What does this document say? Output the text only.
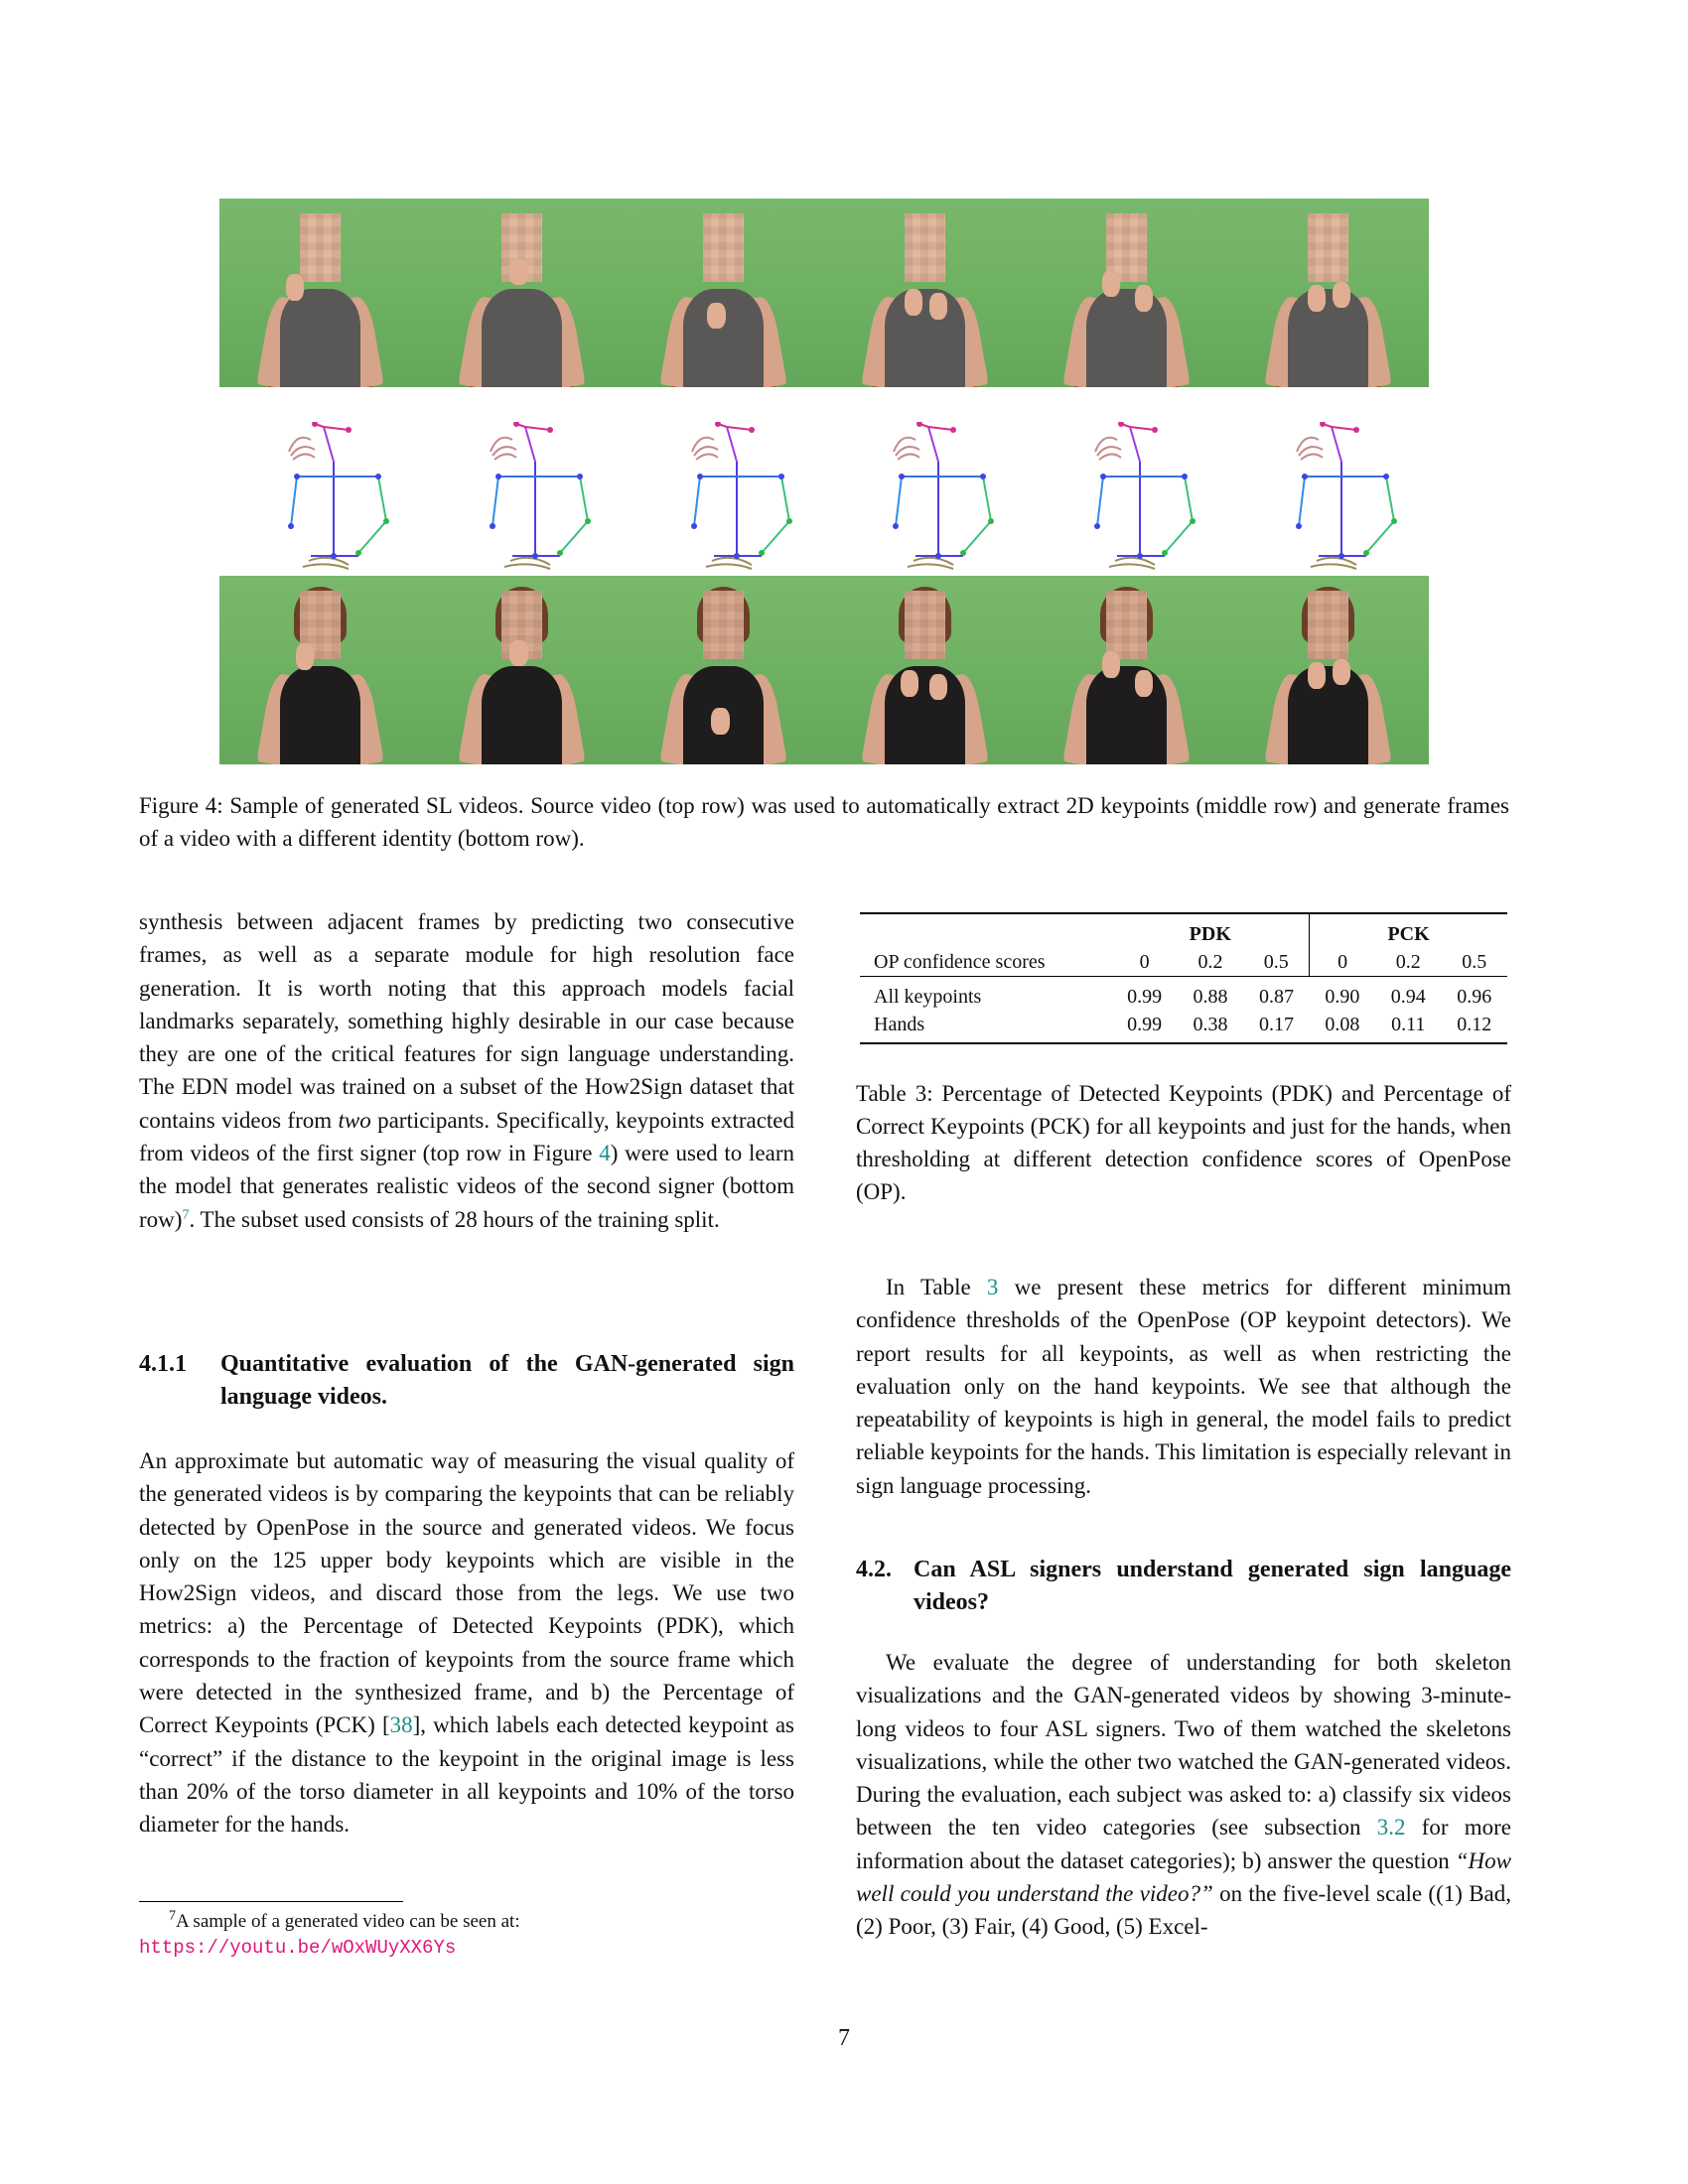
Figure 4: Sample of generated SL videos. Source video (top row) was used to automatically extract 2D keypoints (middle row) and generate frames of a video with a different identity (bottom row).

synthesis between adjacent frames by predicting two consecutive frames, as well as a separate module for high resolution face generation. It is worth noting that this approach models facial landmarks separately, something highly desirable in our case because they are one of the critical features for sign language understanding. The EDN model was trained on a subset of the How2Sign dataset that contains videos from two participants. Specifically, keypoints extracted from videos of the first signer (top row in Figure 4) were used to learn the model that generates realistic videos of the second signer (bottom row)$^7$. The subset used consists of 28 hours of the training split.

4.1.1	Quantitative evaluation of the GAN-generated sign language videos.

An approximate but automatic way of measuring the visual quality of the generated videos is by comparing the keypoints that can be reliably detected by OpenPose in the source and generated videos. We focus only on the 125 upper body keypoints which are visible in the How2Sign videos, and discard those from the legs. We use two metrics: a) the Percentage of Detected Keypoints (PDK), which corresponds to the fraction of keypoints from the source frame which were detected in the synthesized frame, and b) the Percentage of Correct Keypoints (PCK) [38], which labels each detected keypoint as “correct” if the distance to the keypoint in the original image is less than 20% of the torso diameter in all keypoints and 10% of the torso diameter for the hands.

$^7$A sample of a generated video can be seen at: https://youtu.be/wOxWUyXX6Ys
	PDK			PCK		
OP confidence scores	0	0.2	0.5	0	0.2	0.5
All keypoints	0.99	0.88	0.87	0.90	0.94	0.96
Hands	0.99	0.38	0.17	0.08	0.11	0.12
Table 3: Percentage of Detected Keypoints (PDK) and Percentage of Correct Keypoints (PCK) for all keypoints and just for the hands, when thresholding at different detection confidence scores of OpenPose (OP).

In Table 3 we present these metrics for different minimum confidence thresholds of the OpenPose (OP keypoint detectors). We report results for all keypoints, as well as when restricting the evaluation only on the hand keypoints. We see that although the repeatability of keypoints is high in general, the model fails to predict reliable keypoints for the hands. This limitation is especially relevant in sign language processing.

4.2. Can ASL signers understand generated sign language videos?

We evaluate the degree of understanding for both skeleton visualizations and the GAN-generated videos by showing 3-minute-long videos to four ASL signers. Two of them watched the skeletons visualizations, while the other two watched the GAN-generated videos. During the evaluation, each subject was asked to: a) classify six videos between the ten video categories (see subsection 3.2 for more information about the dataset categories); b) answer the question “How well could you understand the video?” on the five-level scale ((1) Bad, (2) Poor, (3) Fair, (4) Good, (5) Excel-

7
